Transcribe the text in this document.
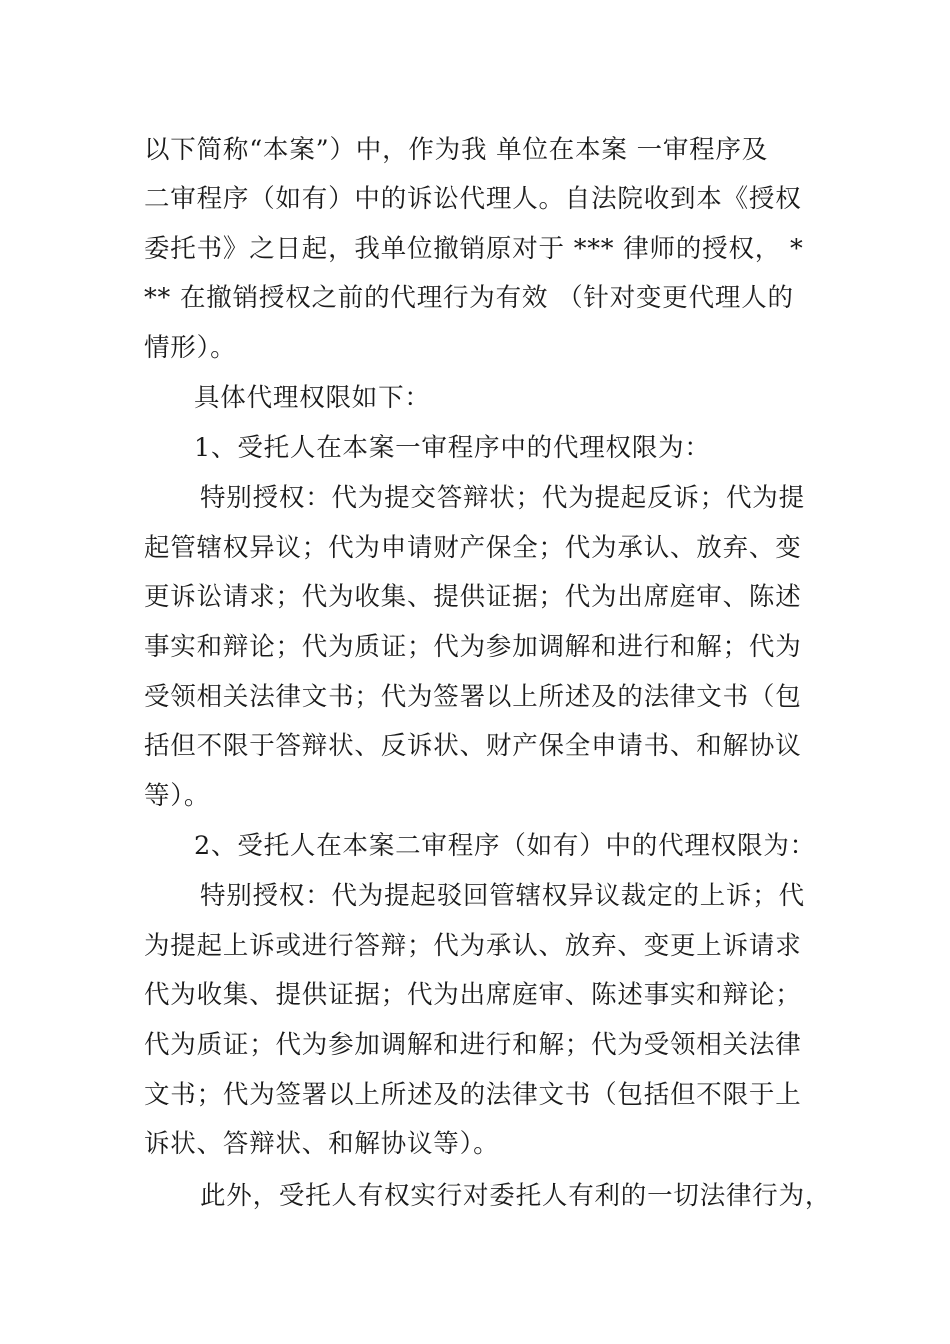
以下简称“本案”）中，作为我 单位在本案 一审程序及
二审程序（如有）中的诉讼代理人。自法院收到本《授权
委托书》之日起，我单位撤销原对于 *** 律师的授权， *
** 在撤销授权之前的代理行为有效 （针对变更代理人的
情形）。
具体代理权限如下：
1、受托人在本案一审程序中的代理权限为：
特别授权：代为提交答辩状；代为提起反诉；代为提
起管辖权异议；代为申请财产保全；代为承认、放弃、变
更诉讼请求；代为收集、提供证据；代为出席庭审、陈述
事实和辩论；代为质证；代为参加调解和进行和解；代为
受领相关法律文书；代为签署以上所述及的法律文书（包
括但不限于答辩状、反诉状、财产保全申请书、和解协议
等）。
2、受托人在本案二审程序（如有）中的代理权限为：
特别授权：代为提起驳回管辖权异议裁定的上诉；代
为提起上诉或进行答辩；代为承认、放弃、变更上诉请求
代为收集、提供证据；代为出席庭审、陈述事实和辩论；
代为质证；代为参加调解和进行和解；代为受领相关法律
文书；代为签署以上所述及的法律文书（包括但不限于上
诉状、答辩状、和解协议等）。
此外，受托人有权实行对委托人有利的一切法律行为，
